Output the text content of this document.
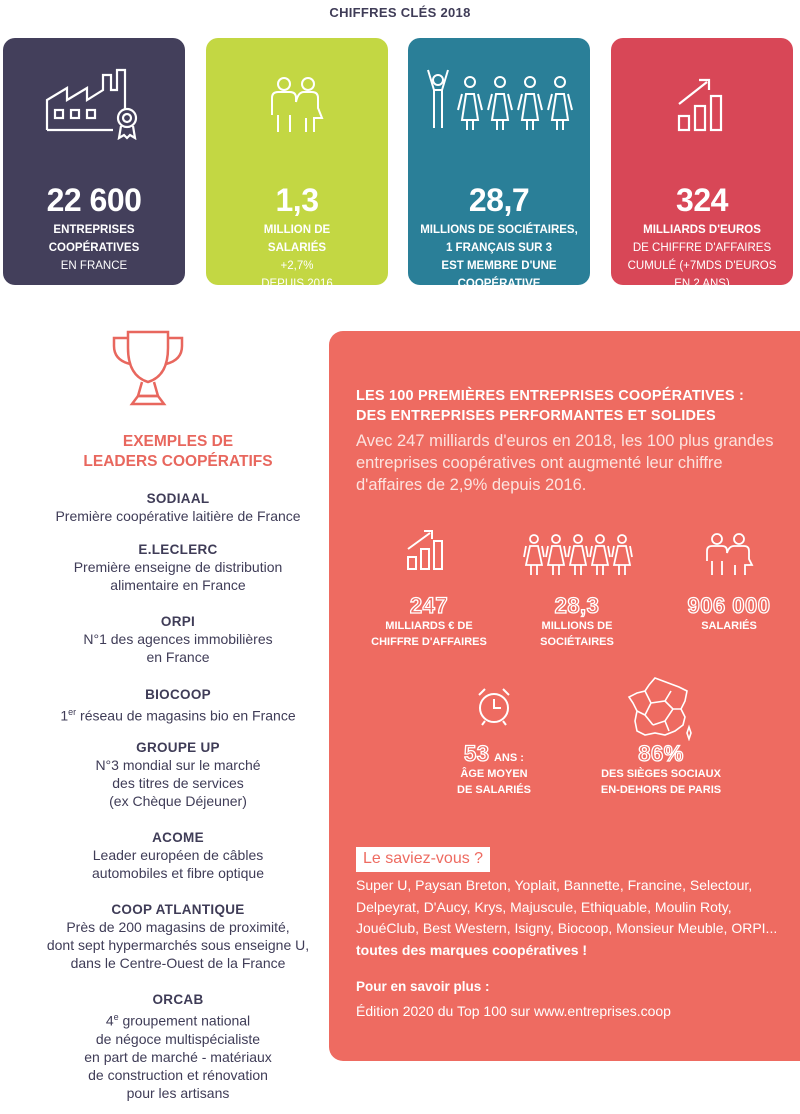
CHIFFRES CLÉS 2018
22 600
ENTREPRISES
COOPÉRATIVES
EN FRANCE
1,3
MILLION DE
SALARIÉS
+2,7%
DEPUIS 2016
28,7
MILLIONS DE SOCIÉTAIRES,
1 FRANÇAIS SUR 3
EST MEMBRE D'UNE
COOPÉRATIVE
324
MILLIARDS D'EUROS
DE CHIFFRE D'AFFAIRES
CUMULÉ (+7MDS D'EUROS
EN 2 ANS)
EXEMPLES DE
LEADERS COOPÉRATIFS
SODIAAL
Première coopérative laitière de France
E.LECLERC
Première enseigne de distribution
alimentaire en France
ORPI
N°1 des agences immobilières
en France
BIOCOOP
1er réseau de magasins bio en France
GROUPE UP
N°3 mondial sur le marché
des titres de services
(ex Chèque Déjeuner)
ACOME
Leader européen de câbles
automobiles et fibre optique
COOP ATLANTIQUE
Près de 200 magasins de proximité,
dont sept hypermarchés sous enseigne U,
dans le Centre-Ouest de la France
ORCAB
4e groupement national
de négoce multispécialiste
en part de marché - matériaux
de construction et rénovation
pour les artisans
LES 100 PREMIÈRES ENTREPRISES COOPÉRATIVES :
DES ENTREPRISES PERFORMANTES ET SOLIDES
Avec 247 milliards d'euros en 2018, les 100 plus grandes entreprises coopératives ont augmenté leur chiffre d'affaires de 2,9% depuis 2016.
247
MILLIARDS € DE
CHIFFRE D'AFFAIRES
28,3
MILLIONS DE
SOCIÉTAIRES
906 000
SALARIÉS
53 ANS :
ÂGE MOYEN
DE SALARIÉS
86%
DES SIÈGES SOCIAUX
EN-DEHORS DE PARIS
Le saviez-vous ?
Super U, Paysan Breton, Yoplait, Bannette, Francine, Selectour, Delpeyrat, D'Aucy, Krys, Majuscule, Ethiquable, Moulin Roty, JouéClub, Best Western, Isigny, Biocoop, Monsieur Meuble, ORPI... toutes des marques coopératives !
Pour en savoir plus :
Édition 2020 du Top 100 sur www.entreprises.coop
